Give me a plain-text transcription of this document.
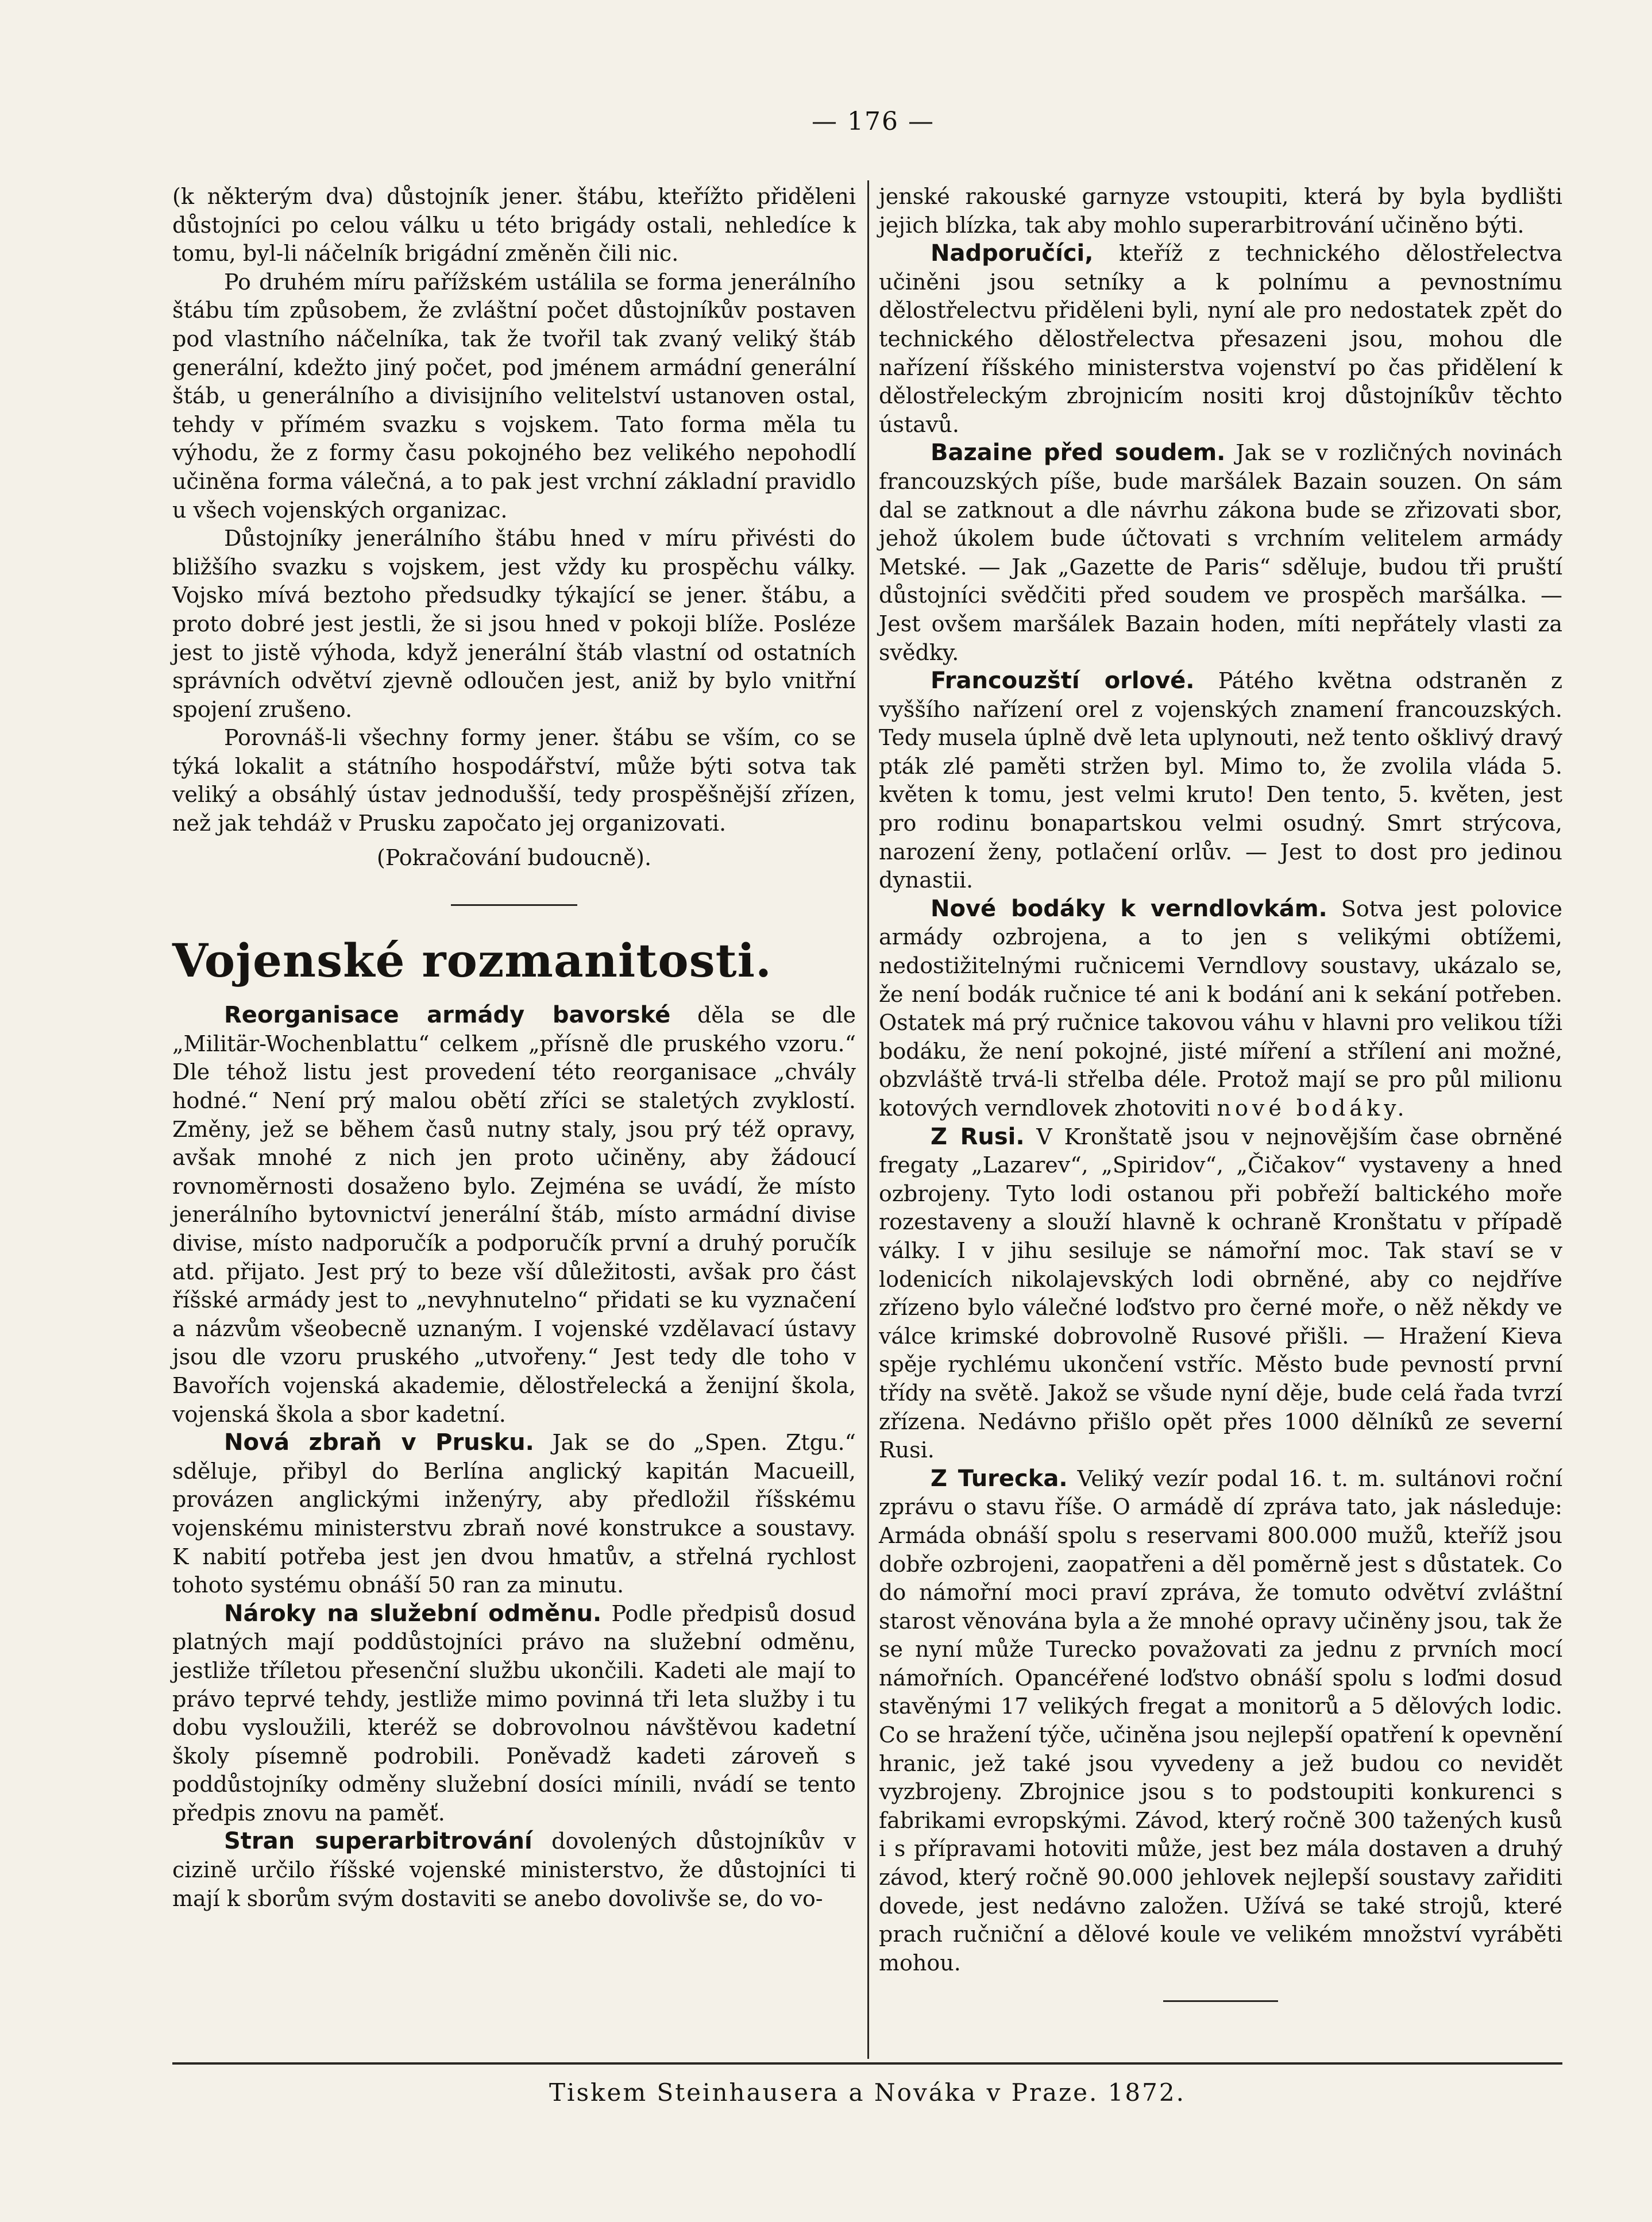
— 176 —

(k některým dva) důstojník jener. štábu, kteřížto přiděleni důstojníci po celou válku u této brigády ostali, nehledíce k tomu, byl-li náčelník brigádní změněn čili nic.

Po druhém míru pařížském ustálila se forma jenerálního štábu tím způsobem, že zvláštní počet důstojníkův postaven pod vlastního náčelníka, tak že tvořil tak zvaný veliký štáb generální, kdežto jiný počet, pod jménem armádní generální štáb, u generálního a divisijního velitelství ustanoven ostal, tehdy v přímém svazku s vojskem. Tato forma měla tu výhodu, že z formy času pokojného bez velikého nepohodlí učiněna forma válečná, a to pak jest vrchní základní pravidlo u všech vojenských organizac.

Důstojníky jenerálního štábu hned v míru přivésti do bližšího svazku s vojskem, jest vždy ku prospěchu války. Vojsko mívá beztoho předsudky týkající se jener. štábu, a proto dobré jest jestli, že si jsou hned v pokoji blíže. Posléze jest to jistě výhoda, když jenerální štáb vlastní od ostatních správních odvětví zjevně odloučen jest, aniž by bylo vnitřní spojení zrušeno.

Porovnáš-li všechny formy jener. štábu se vším, co se týká lokalit a státního hospodářství, může býti sotva tak veliký a obsáhlý ústav jednodušší, tedy prospěšnější zřízen, než jak tehdáž v Prusku započato jej organizovati.

(Pokračování budoucně).

Vojenské rozmanitosti.

Reorganisace armády bavorské děla se dle „Militär-Wochenblattu“ celkem „přísně dle pruského vzoru.“ Dle téhož listu jest provedení této reorganisace „chvály hodné.“ Není prý malou obětí zříci se staletých zvyklostí. Změny, jež se během časů nutny staly, jsou prý též opravy, avšak mnohé z nich jen proto učiněny, aby žádoucí rovnoměrnosti dosaženo bylo. Zejména se uvádí, že místo jenerálního bytovnictví jenerální štáb, místo armádní divise divise, místo nadporučík a podporučík první a druhý poručík atd. přijato. Jest prý to beze vší důležitosti, avšak pro část říšské armády jest to „nevyhnutelno“ přidati se ku vyznačení a názvům všeobecně uznaným. I vojenské vzdělavací ústavy jsou dle vzoru pruského „utvořeny.“ Jest tedy dle toho v Bavořích vojenská akademie, dělostřelecká a ženijní škola, vojenská škola a sbor kadetní.

Nová zbraň v Prusku. Jak se do „Spen. Ztgu.“ sděluje, přibyl do Berlína anglický kapitán Macueill, provázen anglickými inženýry, aby předložil říšskému vojenskému ministerstvu zbraň nové konstrukce a soustavy. K nabití potřeba jest jen dvou hmatův, a střelná rychlost tohoto systému obnáší 50 ran za minutu.

Nároky na služební odměnu. Podle předpisů dosud platných mají poddůstojníci právo na služební odměnu, jestliže tříletou přesenční službu ukončili. Kadeti ale mají to právo teprvé tehdy, jestliže mimo povinná tři leta služby i tu dobu vysloužili, kteréž se dobrovolnou návštěvou kadetní školy písemně podrobili. Poněvadž kadeti zároveň s poddůstojníky odměny služební dosíci mínili, nvádí se tento předpis znovu na paměť.

Stran superarbitrování dovolených důstojníkův v cizině určilo říšské vojenské ministerstvo, že důstojníci ti mají k sborům svým dostaviti se anebo dovolivše se, do vo-

jenské rakouské garnyze vstoupiti, která by byla bydlišti jejich blízka, tak aby mohlo superarbitrování učiněno býti.

Nadporučíci, kteříž z technického dělostřelectva učiněni jsou setníky a k polnímu a pevnostnímu dělostřelectvu přiděleni byli, nyní ale pro nedostatek zpět do technického dělostřelectva přesazeni jsou, mohou dle nařízení říšského ministerstva vojenství po čas přidělení k dělostřeleckým zbrojnicím nositi kroj důstojníkův těchto ústavů.

Bazaine před soudem. Jak se v rozličných novinách francouzských píše, bude maršálek Bazain souzen. On sám dal se zatknout a dle návrhu zákona bude se zřizovati sbor, jehož úkolem bude účtovati s vrchním velitelem armády Metské. — Jak „Gazette de Paris“ sděluje, budou tři pruští důstojníci svědčiti před soudem ve prospěch maršálka. — Jest ovšem maršálek Bazain hoden, míti nepřátely vlasti za svědky.

Francouzští orlové. Pátého května odstraněn z vyššího nařízení orel z vojenských znamení francouzských. Tedy musela úplně dvě leta uplynouti, než tento ošklivý dravý pták zlé paměti stržen byl. Mimo to, že zvolila vláda 5. květen k tomu, jest velmi kruto! Den tento, 5. květen, jest pro rodinu bonapartskou velmi osudný. Smrt strýcova, narození ženy, potlačení orlův. — Jest to dost pro jedinou dynastii.

Nové bodáky k verndlovkám. Sotva jest polovice armády ozbrojena, a to jen s velikými obtížemi, nedostižitelnými ručnicemi Verndlovy soustavy, ukázalo se, že není bodák ručnice té ani k bodání ani k sekání potřeben. Ostatek má prý ručnice takovou váhu v hlavni pro velikou tíži bodáku, že není pokojné, jisté míření a střílení ani možné, obzvláště trvá-li střelba déle. Protož mají se pro půl milionu kotových verndlovek zhotoviti nové bodáky.

Z Rusi. V Kronštatě jsou v nejnovějším čase obrněné fregaty „Lazarev“, „Spiridov“, „Čičakov“ vystaveny a hned ozbrojeny. Tyto lodi ostanou při pobřeží baltického moře rozestaveny a slouží hlavně k ochraně Kronštatu v případě války. I v jihu sesiluje se námořní moc. Tak staví se v lodenicích nikolajevských lodi obrněné, aby co nejdříve zřízeno bylo válečné loďstvo pro černé moře, o něž někdy ve válce krimské dobrovolně Rusové přišli. — Hražení Kieva spěje rychlému ukončení vstříc. Město bude pevností první třídy na světě. Jakož se všude nyní děje, bude celá řada tvrzí zřízena. Nedávno přišlo opět přes 1000 dělníků ze severní Rusi.

Z Turecka. Veliký vezír podal 16. t. m. sultánovi roční zprávu o stavu říše. O armádě dí zpráva tato, jak následuje: Armáda obnáší spolu s reservami 800.000 mužů, kteříž jsou dobře ozbrojeni, zaopatřeni a děl poměrně jest s důstatek. Co do námořní moci praví zpráva, že tomuto odvětví zvláštní starost věnována byla a že mnohé opravy učiněny jsou, tak že se nyní může Turecko považovati za jednu z prvních mocí námořních. Opancéřené loďstvo obnáší spolu s loďmi dosud stavěnými 17 velikých fregat a monitorů a 5 dělových lodic. Co se hražení týče, učiněna jsou nejlepší opatření k opevnění hranic, jež také jsou vyvedeny a jež budou co nevidět vyzbrojeny. Zbrojnice jsou s to podstoupiti konkurenci s fabrikami evropskými. Závod, který ročně 300 tažených kusů i s přípravami hotoviti může, jest bez mála dostaven a druhý závod, který ročně 90.000 jehlovek nejlepší soustavy zařiditi dovede, jest nedávno založen. Užívá se také strojů, které prach ručniční a dělové koule ve velikém množství vyráběti mohou.

Tiskem Steinhausera a Nováka v Praze. 1872.
